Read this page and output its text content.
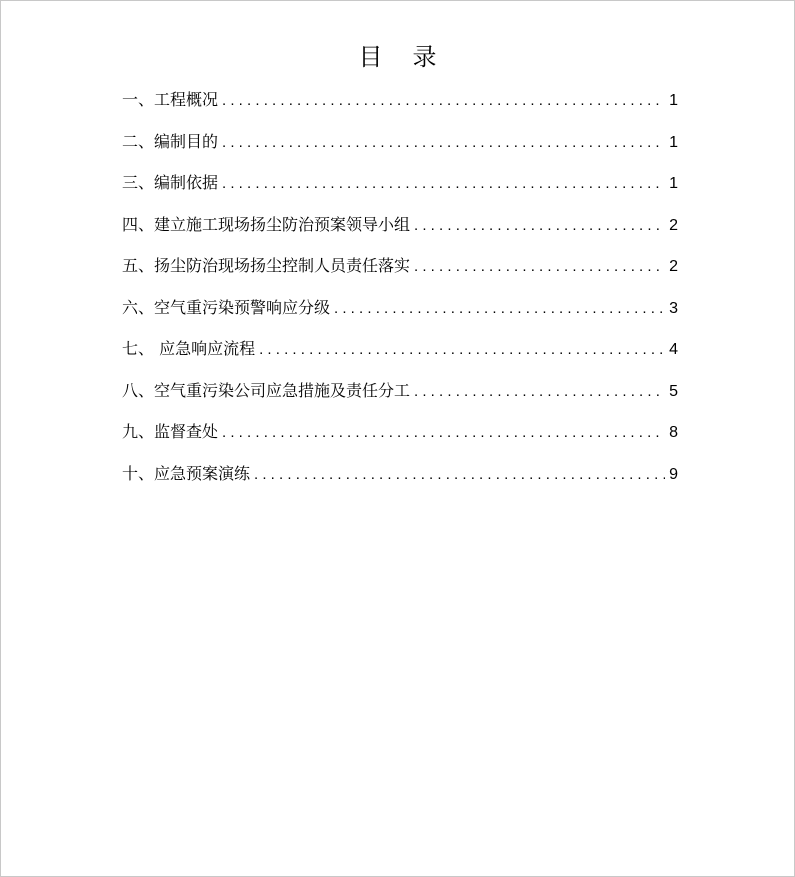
目录
一、工程概况 . . .	1
二、编制目的 . . .	1
三、编制依据 . . .	1
四、建立施工现场扬尘防治预案领导小组 . . .	2
五、扬尘防治现场扬尘控制人员责任落实 . . .	2
六、空气重污染预警响应分级 . . .	3
七、 应急响应流程 . . .	4
八、空气重污染公司应急措施及责任分工 . . .	5
九、监督查处 . . .	8
十、应急预案演练 . . .	9
